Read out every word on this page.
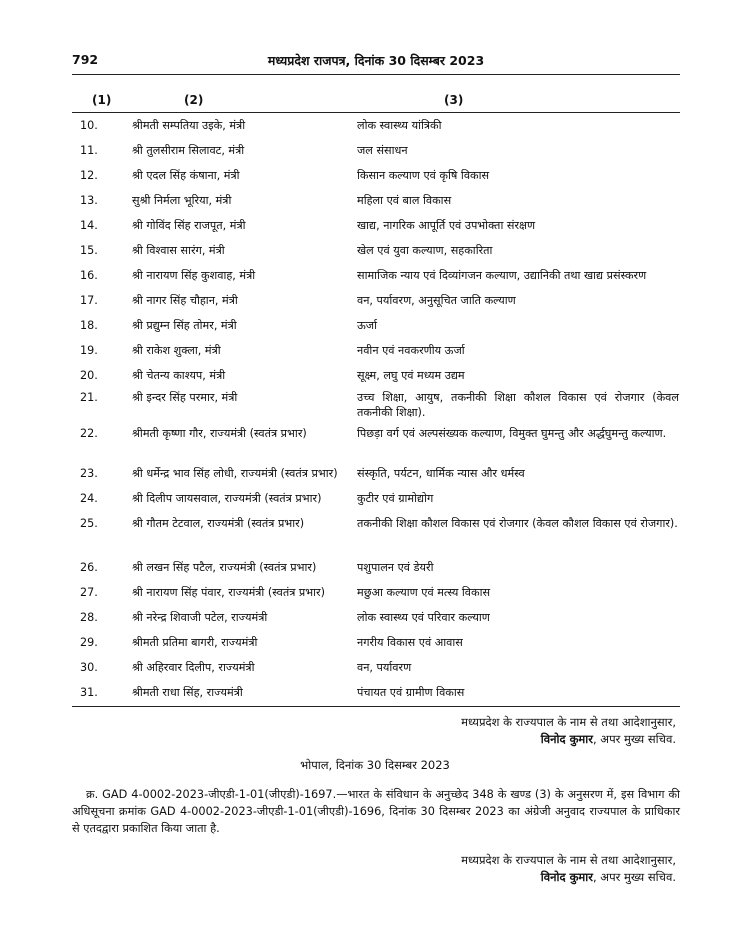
792	मध्यप्रदेश राजपत्र, दिनांक 30 दिसम्बर 2023
(1)	(2)	(3)
10.	श्रीमती सम्पतिया उइके, मंत्री	लोक स्वास्थ्य यांत्रिकी
11.	श्री तुलसीराम सिलावट, मंत्री	जल संसाधन
12.	श्री एदल सिंह कंषाना, मंत्री	किसान कल्याण एवं कृषि विकास
13.	सुश्री निर्मला भूरिया, मंत्री	महिला एवं बाल विकास
14.	श्री गोविंद सिंह राजपूत, मंत्री	खाद्य, नागरिक आपूर्ति एवं उपभोक्ता संरक्षण
15.	श्री विश्वास सारंग, मंत्री	खेल एवं युवा कल्याण, सहकारिता
16.	श्री नारायण सिंह कुशवाह, मंत्री	सामाजिक न्याय एवं दिव्यांगजन कल्याण, उद्यानिकी तथा खाद्य प्रसंस्करण
17.	श्री नागर सिंह चौहान, मंत्री	वन, पर्यावरण, अनुसूचित जाति कल्याण
18.	श्री प्रद्युम्न सिंह तोमर, मंत्री	ऊर्जा
19.	श्री राकेश शुक्ला, मंत्री	नवीन एवं नवकरणीय ऊर्जा
20.	श्री चेतन्य काश्यप, मंत्री	सूक्ष्म, लघु एवं मध्यम उद्यम
21.	श्री इन्दर सिंह परमार, मंत्री	उच्च शिक्षा, आयुष, तकनीकी शिक्षा कौशल विकास एवं रोजगार (केवल तकनीकी शिक्षा).
22.	श्रीमती कृष्णा गौर, राज्यमंत्री (स्वतंत्र प्रभार)	पिछड़ा वर्ग एवं अल्पसंख्यक कल्याण, विमुक्त घुमन्तु और अर्द्धघुमन्तु कल्याण.
23.	श्री धर्मेन्द्र भाव सिंह लोधी, राज्यमंत्री (स्वतंत्र प्रभार)	संस्कृति, पर्यटन, धार्मिक न्यास और धर्मस्व
24.	श्री दिलीप जायसवाल, राज्यमंत्री (स्वतंत्र प्रभार)	कुटीर एवं ग्रामोद्योग
25.	श्री गौतम टेटवाल, राज्यमंत्री (स्वतंत्र प्रभार)	तकनीकी शिक्षा कौशल विकास एवं रोजगार (केवल कौशल विकास एवं रोजगार).
26.	श्री लखन सिंह पटैल, राज्यमंत्री (स्वतंत्र प्रभार)	पशुपालन एवं डेयरी
27.	श्री नारायण सिंह पंवार, राज्यमंत्री (स्वतंत्र प्रभार)	मछुआ कल्याण एवं मत्स्य विकास
28.	श्री नरेन्द्र शिवाजी पटेल, राज्यमंत्री	लोक स्वास्थ्य एवं परिवार कल्याण
29.	श्रीमती प्रतिमा बागरी, राज्यमंत्री	नगरीय विकास एवं आवास
30.	श्री अहिरवार दिलीप, राज्यमंत्री	वन, पर्यावरण
31.	श्रीमती राधा सिंह, राज्यमंत्री	पंचायत एवं ग्रामीण विकास
मध्यप्रदेश के राज्यपाल के नाम से तथा आदेशानुसार,
विनोद कुमार, अपर मुख्य सचिव.
भोपाल, दिनांक 30 दिसम्बर 2023
क्र. GAD 4-0002-2023-जीएडी-1-01(जीएडी)-1697.—भारत के संविधान के अनुच्छेद 348 के खण्ड (3) के अनुसरण में, इस विभाग की अधिसूचना क्रमांक GAD 4-0002-2023-जीएडी-1-01(जीएडी)-1696, दिनांक 30 दिसम्बर 2023 का अंग्रेजी अनुवाद राज्यपाल के प्राधिकार से एतदद्वारा प्रकाशित किया जाता है.
मध्यप्रदेश के राज्यपाल के नाम से तथा आदेशानुसार,
विनोद कुमार, अपर मुख्य सचिव.
